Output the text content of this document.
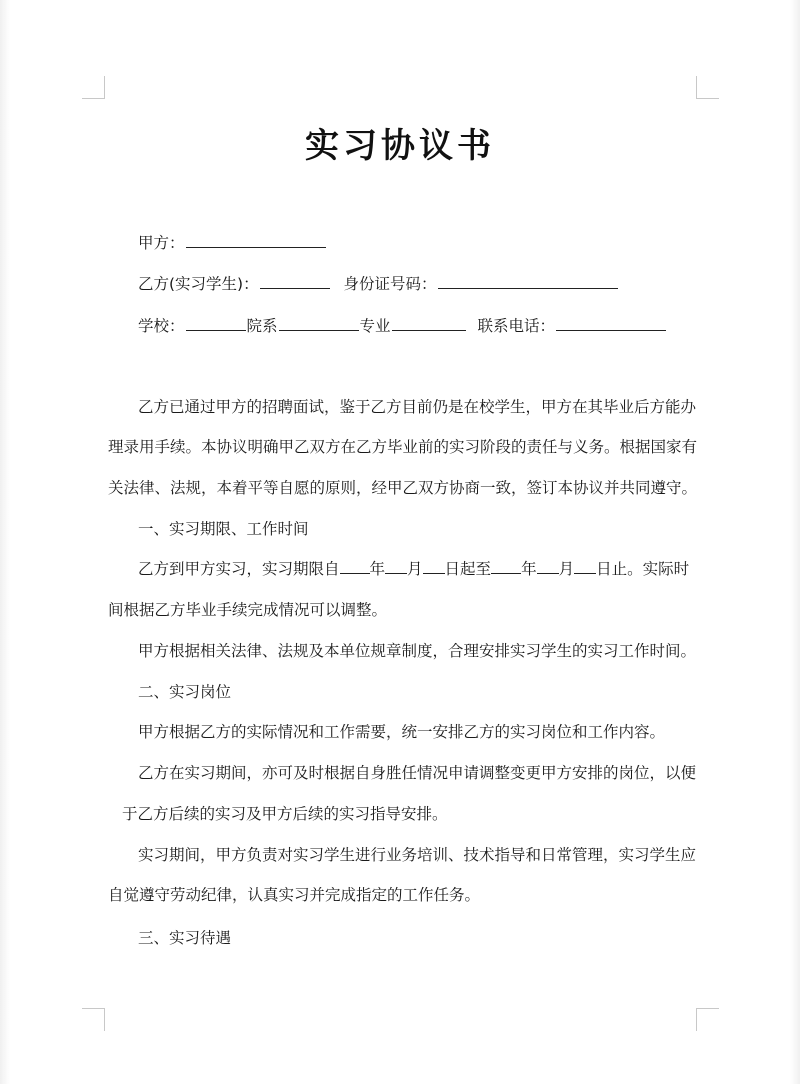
实习协议书
甲方：
乙方(实习学生)：	身份证号码：
学校：	院系	专业	联系电话：
乙方已通过甲方的招聘面试，鉴于乙方目前仍是在校学生，甲方在其毕业后方能办
理录用手续。本协议明确甲乙双方在乙方毕业前的实习阶段的责任与义务。根据国家有
关法律、法规，本着平等自愿的原则，经甲乙双方协商一致，签订本协议并共同遵守。
一、实习期限、工作时间
乙方到甲方实习，实习期限自 年 月 日起至 年 月 日止。实际时
间根据乙方毕业手续完成情况可以调整。
甲方根据相关法律、法规及本单位规章制度，合理安排实习学生的实习工作时间。
二、实习岗位
甲方根据乙方的实际情况和工作需要，统一安排乙方的实习岗位和工作内容。
乙方在实习期间，亦可及时根据自身胜任情况申请调整变更甲方安排的岗位，以便
于乙方后续的实习及甲方后续的实习指导安排。
实习期间，甲方负责对实习学生进行业务培训、技术指导和日常管理，实习学生应
自觉遵守劳动纪律，认真实习并完成指定的工作任务。
三、实习待遇
